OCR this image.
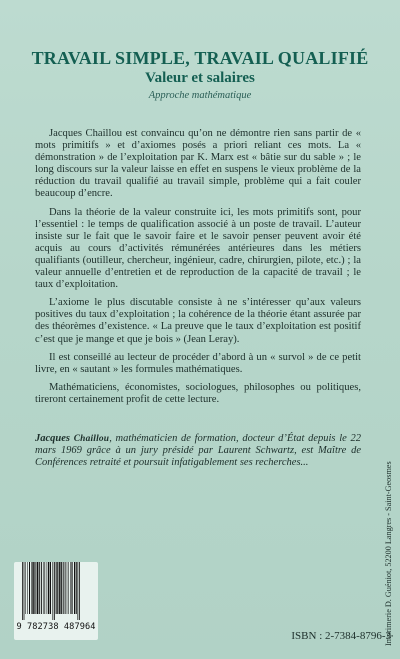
TRAVAIL SIMPLE, TRAVAIL QUALIFIÉ
Valeur et salaires
Approche mathématique

Jacques Chaillou est convaincu qu’on ne démontre rien sans partir de « mots primitifs » et d’axiomes posés a priori reliant ces mots. La « démonstration » de l’exploitation par K. Marx est « bâtie sur du sable » ; le long discours sur la valeur laisse en effet en suspens le vieux problème de la réduction du travail qualifié au travail simple, problème qui a fait couler beaucoup d’encre.

Dans la théorie de la valeur construite ici, les mots primitifs sont, pour l’essentiel : le temps de qualification associé à un poste de travail. L’auteur insiste sur le fait que le savoir faire et le savoir penser peuvent avoir été acquis au cours d’activités rémunérées antérieures dans les métiers qualifiants (outilleur, chercheur, ingénieur, cadre, chirurgien, pilote, etc.) ; la valeur annuelle d’entretien et de reproduction de la capacité de travail ; le taux d’exploitation.

L’axiome le plus discutable consiste à ne s’intéresser qu’aux valeurs positives du taux d’exploitation ; la cohérence de la théorie étant assurée par des théorèmes d’existence. « La preuve que le taux d’exploitation est positif c’est que je mange et que je bois » (Jean Leray).

Il est conseillé au lecteur de procéder d’abord à un « survol » de ce petit livre, en « sautant » les formules mathématiques.

Mathématiciens, économistes, sociologues, philosophes ou politiques, tireront certainement profit de cette lecture.

Jacques Chaillou, mathématicien de formation, docteur d’État depuis le 22 mars 1969 grâce à un jury présidé par Laurent Schwartz, est Maître de Conférences retraité et poursuit infatigablement ses recherches...
9 782738 487964
ISBN : 2-7384-8796-3
Imprimerie D. Guéniot, 52200 Langres - Saint-Geosmes
